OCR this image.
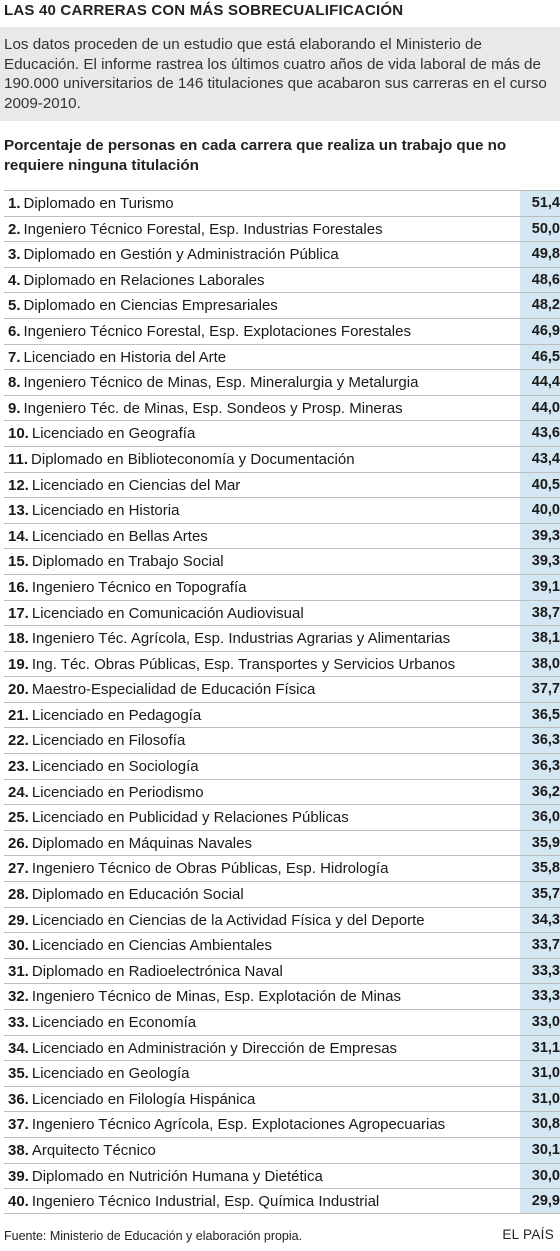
LAS 40 CARRERAS CON MÁS SOBRECUALIFICACIÓN
Los datos proceden de un estudio que está elaborando el Ministerio de Educación. El informe rastrea los últimos cuatro años de vida laboral de más de 190.000 universitarios de 146 titulaciones que acabaron sus carreras en el curso 2009-2010.
Porcentaje de personas en cada carrera que realiza un trabajo que no requiere ninguna titulación
1. Diplomado en Turismo	51,4
2. Ingeniero Técnico Forestal, Esp. Industrias Forestales	50,0
3. Diplomado en Gestión y Administración Pública	49,8
4. Diplomado en Relaciones Laborales	48,6
5. Diplomado en Ciencias Empresariales	48,2
6. Ingeniero Técnico Forestal, Esp. Explotaciones Forestales	46,9
7. Licenciado en Historia del Arte	46,5
8. Ingeniero Técnico de Minas, Esp. Mineralurgia y Metalurgia	44,4
9. Ingeniero Téc. de Minas, Esp. Sondeos y Prosp. Mineras	44,0
10. Licenciado en Geografía	43,6
11. Diplomado en Biblioteconomía y Documentación	43,4
12. Licenciado en Ciencias del Mar	40,5
13. Licenciado en Historia	40,0
14. Licenciado en Bellas Artes	39,3
15. Diplomado en Trabajo Social	39,3
16. Ingeniero Técnico en Topografía	39,1
17. Licenciado en Comunicación Audiovisual	38,7
18. Ingeniero Téc. Agrícola, Esp. Industrias Agrarias y Alimentarias	38,1
19. Ing. Téc. Obras Públicas, Esp. Transportes y Servicios Urbanos	38,0
20. Maestro-Especialidad de Educación Física	37,7
21. Licenciado en Pedagogía	36,5
22. Licenciado en Filosofía	36,3
23. Licenciado en Sociología	36,3
24. Licenciado en Periodismo	36,2
25. Licenciado en Publicidad y Relaciones Públicas	36,0
26. Diplomado en Máquinas Navales	35,9
27. Ingeniero Técnico de Obras Públicas, Esp. Hidrología	35,8
28. Diplomado en Educación Social	35,7
29. Licenciado en Ciencias de la Actividad Física y del Deporte	34,3
30. Licenciado en Ciencias Ambientales	33,7
31. Diplomado en Radioelectrónica Naval	33,3
32. Ingeniero Técnico de Minas, Esp. Explotación de Minas	33,3
33. Licenciado en Economía	33,0
34. Licenciado en Administración y Dirección de Empresas	31,1
35. Licenciado en Geología	31,0
36. Licenciado en Filología Hispánica	31,0
37. Ingeniero Técnico Agrícola, Esp. Explotaciones Agropecuarias	30,8
38. Arquitecto Técnico	30,1
39. Diplomado en Nutrición Humana y Dietética	30,0
40. Ingeniero Técnico Industrial, Esp. Química Industrial	29,9
Fuente: Ministerio de Educación y elaboración propia.	EL PAÍS
